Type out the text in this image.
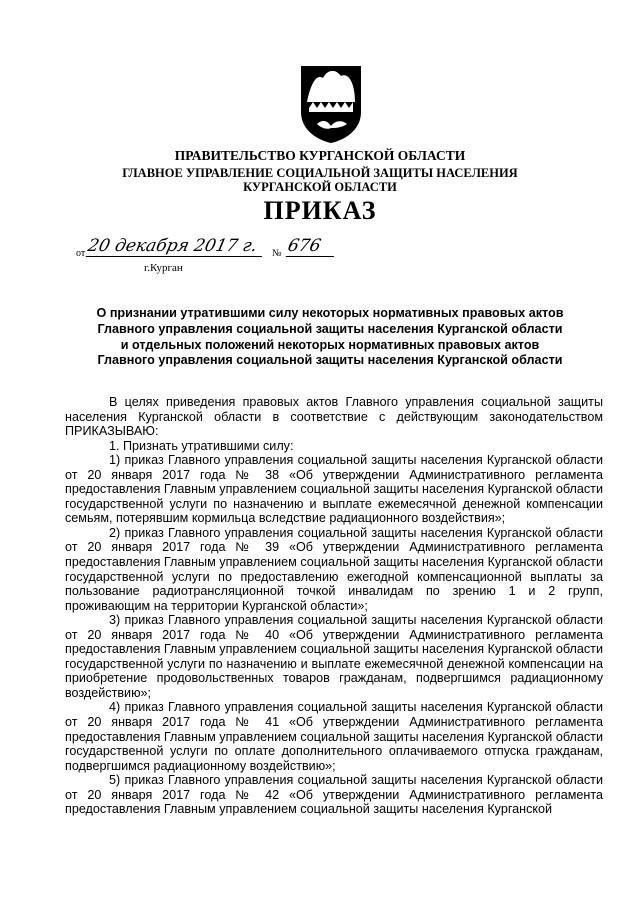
ПРАВИТЕЛЬСТВО КУРГАНСКОЙ ОБЛАСТИ
ГЛАВНОЕ УПРАВЛЕНИЕ СОЦИАЛЬНОЙ ЗАЩИТЫ НАСЕЛЕНИЯ
КУРГАНСКОЙ ОБЛАСТИ
ПРИКАЗ
от 20 декабря 2017 г.	№ 676
г.Курган
О признании утратившими силу некоторых нормативных правовых актов
Главного управления социальной защиты населения Курганской области
и отдельных положений некоторых нормативных правовых актов
Главного управления социальной защиты населения Курганской области

В целях приведения правовых актов Главного управления социальной защиты населения Курганской области в соответствие с действующим законодательством ПРИКАЗЫВАЮ:

1. Признать утратившими силу:

1) приказ Главного управления социальной защиты населения Курганской области от 20 января 2017 года № 38 «Об утверждении Административного регламента предоставления Главным управлением социальной защиты населения Курганской области государственной услуги по назначению и выплате ежемесячной денежной компенсации семьям, потерявшим кормильца вследствие радиационного воздействия»;

2) приказ Главного управления социальной защиты населения Курганской области от 20 января 2017 года № 39 «Об утверждении Административного регламента предоставления Главным управлением социальной защиты населения Курганской области государственной услуги по предоставлению ежегодной компенсационной выплаты за пользование радиотрансляционной точкой инвалидам по зрению 1 и 2 групп, проживающим на территории Курганской области»;

3) приказ Главного управления социальной защиты населения Курганской области от 20 января 2017 года № 40 «Об утверждении Административного регламента предоставления Главным управлением социальной защиты населения Курганской области государственной услуги по назначению и выплате ежемесячной денежной компенсации на приобретение продовольственных товаров гражданам, подвергшимся радиационному воздействию»;

4) приказ Главного управления социальной защиты населения Курганской области от 20 января 2017 года № 41 «Об утверждении Административного регламента предоставления Главным управлением социальной защиты населения Курганской области государственной услуги по оплате дополнительного оплачиваемого отпуска гражданам, подвергшимся радиационному воздействию»;

5) приказ Главного управления социальной защиты населения Курганской области от 20 января 2017 года № 42 «Об утверждении Административного регламента предоставления Главным управлением социальной защиты населения Курганской
